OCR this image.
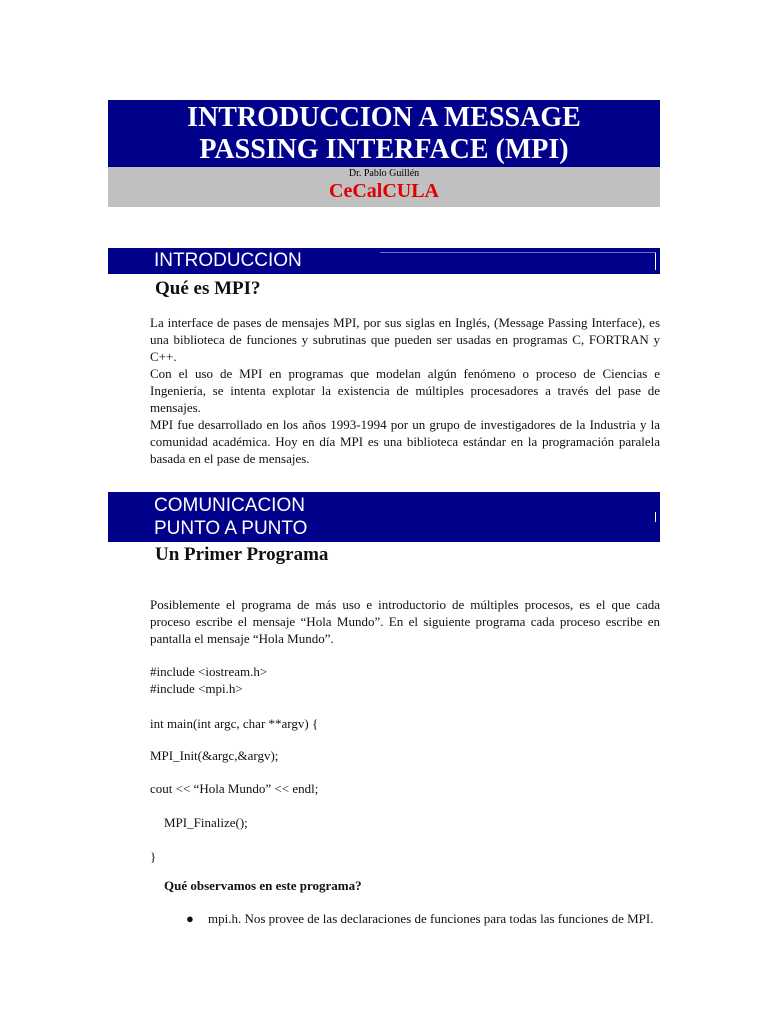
INTRODUCCION A MESSAGE
PASSING INTERFACE (MPI)
Dr. Pablo Guillén
CeCalCULA
INTRODUCCION
Qué es MPI?

La interface de pases de mensajes MPI, por sus siglas en Inglés, (Message Passing Interface), es una biblioteca de funciones y subrutinas que pueden ser usadas en programas C, FORTRAN y C++.

Con el uso de MPI en programas que modelan algún fenómeno o proceso de Ciencias e Ingeniería, se intenta explotar la existencia de múltiples procesadores a través del pase de mensajes.

MPI fue desarrollado en los años 1993-1994 por un grupo de investigadores de la Industria y la comunidad académica. Hoy en día MPI es una biblioteca estándar en la programación paralela basada en el pase de mensajes.

COMUNICACION
PUNTO A PUNTO
Un Primer Programa

Posiblemente el programa de más uso e introductorio de múltiples procesos, es el que cada proceso escribe el mensaje “Hola Mundo”. En el siguiente programa cada proceso escribe en pantalla el mensaje “Hola Mundo”.

#include <iostream.h>
#include <mpi.h>
int main(int argc, char **argv) {
MPI_Init(&argc,&argv);
cout << “Hola Mundo” << endl;
MPI_Finalize();
}
Qué observamos en este programa?
● mpi.h. Nos provee de las declaraciones de funciones para todas las funciones de MPI.
